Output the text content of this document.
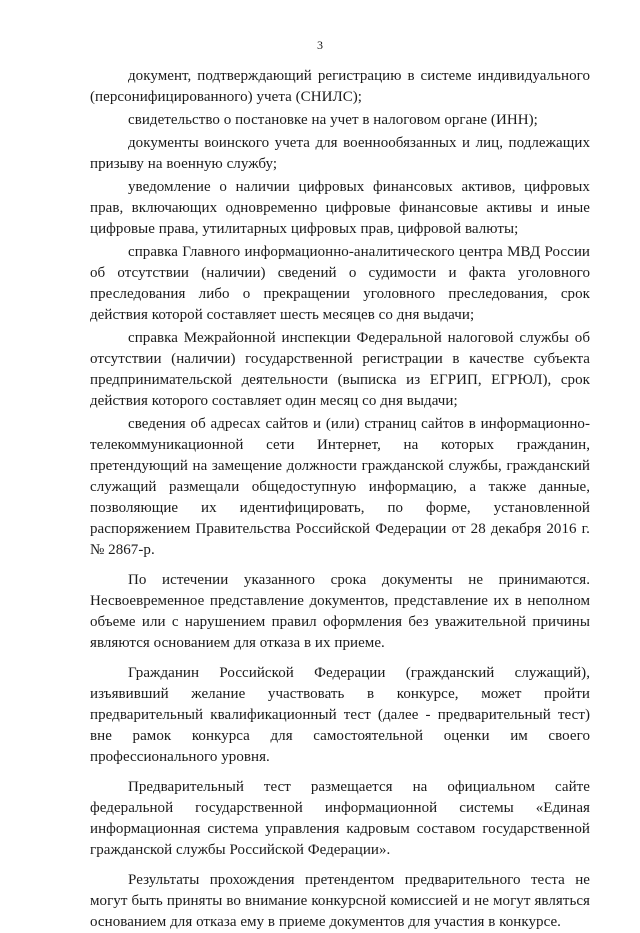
3

документ, подтверждающий регистрацию в системе индивидуального (персонифицированного) учета (СНИЛС);

свидетельство о постановке на учет в налоговом органе (ИНН);

документы воинского учета для военнообязанных и лиц, подлежащих призыву на военную службу;

уведомление о наличии цифровых финансовых активов, цифровых прав, включающих одновременно цифровые финансовые активы и иные цифровые права, утилитарных цифровых прав, цифровой валюты;

справка Главного информационно-аналитического центра МВД России об отсутствии (наличии) сведений о судимости и факта уголовного преследования либо о прекращении уголовного преследования, срок действия которой составляет шесть месяцев со дня выдачи;

справка Межрайонной инспекции Федеральной налоговой службы об отсутствии (наличии) государственной регистрации в качестве субъекта предпринимательской деятельности (выписка из ЕГРИП, ЕГРЮЛ), срок действия которого составляет один месяц со дня выдачи;

сведения об адресах сайтов и (или) страниц сайтов в информационно-телекоммуникационной сети Интернет, на которых гражданин, претендующий на замещение должности гражданской службы, гражданский служащий размещали общедоступную информацию, а также данные, позволяющие их идентифицировать, по форме, установленной распоряжением Правительства Российской Федерации от 28 декабря 2016 г. № 2867-р.

По истечении указанного срока документы не принимаются. Несвоевременное представление документов, представление их в неполном объеме или с нарушением правил оформления без уважительной причины являются основанием для отказа в их приеме.

Гражданин Российской Федерации (гражданский служащий), изъявивший желание участвовать в конкурсе, может пройти предварительный квалификационный тест (далее - предварительный тест) вне рамок конкурса для самостоятельной оценки им своего профессионального уровня.

Предварительный тест размещается на официальном сайте федеральной государственной информационной системы «Единая информационная система управления кадровым составом государственной гражданской службы Российской Федерации».

Результаты прохождения претендентом предварительного теста не могут быть приняты во внимание конкурсной комиссией и не могут являться основанием для отказа ему в приеме документов для участия в конкурсе.
